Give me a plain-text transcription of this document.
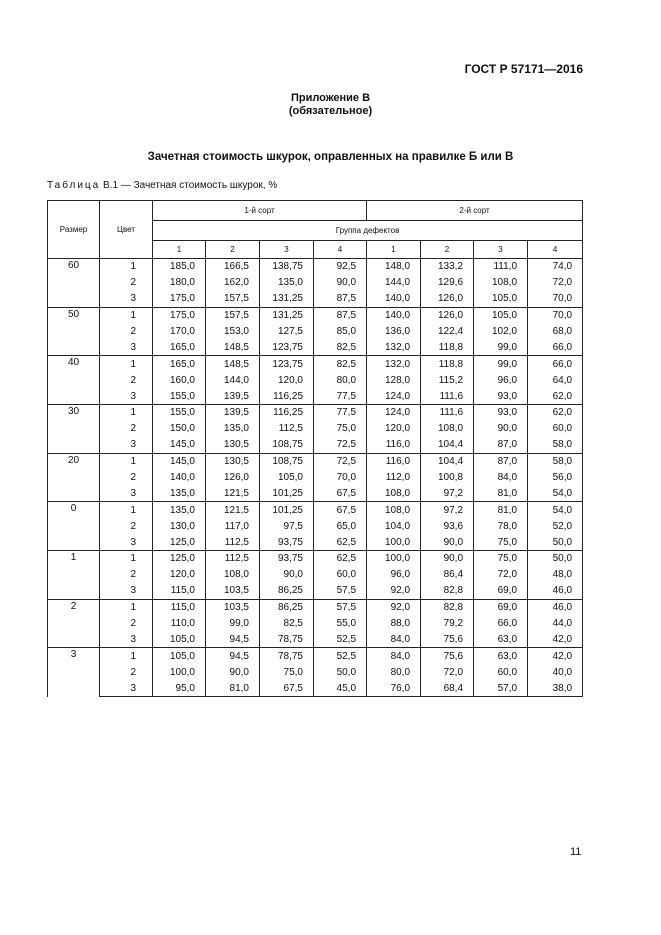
ГОСТ Р 57171—2016
Приложение В
(обязательное)
Зачетная стоимость шкурок, оправленных на правилке Б или В
Таблица В.1 — Зачетная стоимость шкурок, %
Размер	Цвет	1-й сорт				2-й сорт			
		Группа дефектов							
		1	2	3	4	1	2	3	4
60	1	185,0	166,5	138,75	92,5	148,0	133,2	111,0	74,0
	2	180,0	162,0	135,0	90,0	144,0	129,6	108,0	72,0
	3	175,0	157,5	131,25	87,5	140,0	126,0	105,0	70,0
50	1	175,0	157,5	131,25	87,5	140,0	126,0	105,0	70,0
	2	170,0	153,0	127,5	85,0	136,0	122,4	102,0	68,0
	3	165,0	148,5	123,75	82,5	132,0	118,8	99,0	66,0
40	1	165,0	148,5	123,75	82,5	132,0	118,8	99,0	66,0
	2	160,0	144,0	120,0	80,0	128,0	115,2	96,0	64,0
	3	155,0	139,5	116,25	77,5	124,0	111,6	93,0	62,0
30	1	155,0	139,5	116,25	77,5	124,0	111,6	93,0	62,0
	2	150,0	135,0	112,5	75,0	120,0	108,0	90,0	60,0
	3	145,0	130,5	108,75	72,5	116,0	104,4	87,0	58,0
20	1	145,0	130,5	108,75	72,5	116,0	104,4	87,0	58,0
	2	140,0	126,0	105,0	70,0	112,0	100,8	84,0	56,0
	3	135,0	121,5	101,25	67,5	108,0	97,2	81,0	54,0
0	1	135,0	121,5	101,25	67,5	108,0	97,2	81,0	54,0
	2	130,0	117,0	97,5	65,0	104,0	93,6	78,0	52,0
	3	125,0	112,5	93,75	62,5	100,0	90,0	75,0	50,0
1	1	125,0	112,5	93,75	62,5	100,0	90,0	75,0	50,0
	2	120,0	108,0	90,0	60,0	96,0	86,4	72,0	48,0
	3	115,0	103,5	86,25	57,5	92,0	82,8	69,0	46,0
2	1	115,0	103,5	86,25	57,5	92,0	82,8	69,0	46,0
	2	110,0	99,0	82,5	55,0	88,0	79,2	66,0	44,0
	3	105,0	94,5	78,75	52,5	84,0	75,6	63,0	42,0
3	1	105,0	94,5	78,75	52,5	84,0	75,6	63,0	42,0
	2	100,0	90,0	75,0	50,0	80,0	72,0	60,0	40,0
	3	95,0	81,0	67,5	45,0	76,0	68,4	57,0	38,0
11
